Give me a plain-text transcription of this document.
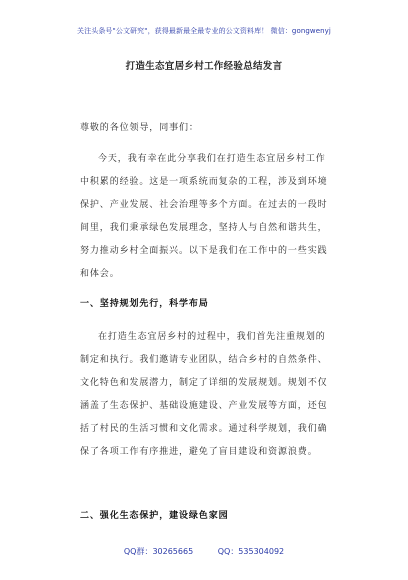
关注头条号"公文研究"，获得最新最全最专业的公文资料库！ 微信：gongwenyj
打造生态宜居乡村工作经验总结发言
尊敬的各位领导，同事们：
今天，我有幸在此分享我们在打造生态宜居乡村工作
中积累的经验。这是一项系统而复杂的工程，涉及到环境
保护、产业发展、社会治理等多个方面。在过去的一段时
间里，我们秉承绿色发展理念，坚持人与自然和谐共生，
努力推动乡村全面振兴。以下是我们在工作中的一些实践
和体会。
一、坚持规划先行，科学布局
在打造生态宜居乡村的过程中，我们首先注重规划的
制定和执行。我们邀请专业团队，结合乡村的自然条件、
文化特色和发展潜力，制定了详细的发展规划。规划不仅
涵盖了生态保护、基础设施建设、产业发展等方面，还包
括了村民的生活习惯和文化需求。通过科学规划，我们确
保了各项工作有序推进，避免了盲目建设和资源浪费。
二、强化生态保护，建设绿色家园
QQ群：30265665	QQ：535304092
